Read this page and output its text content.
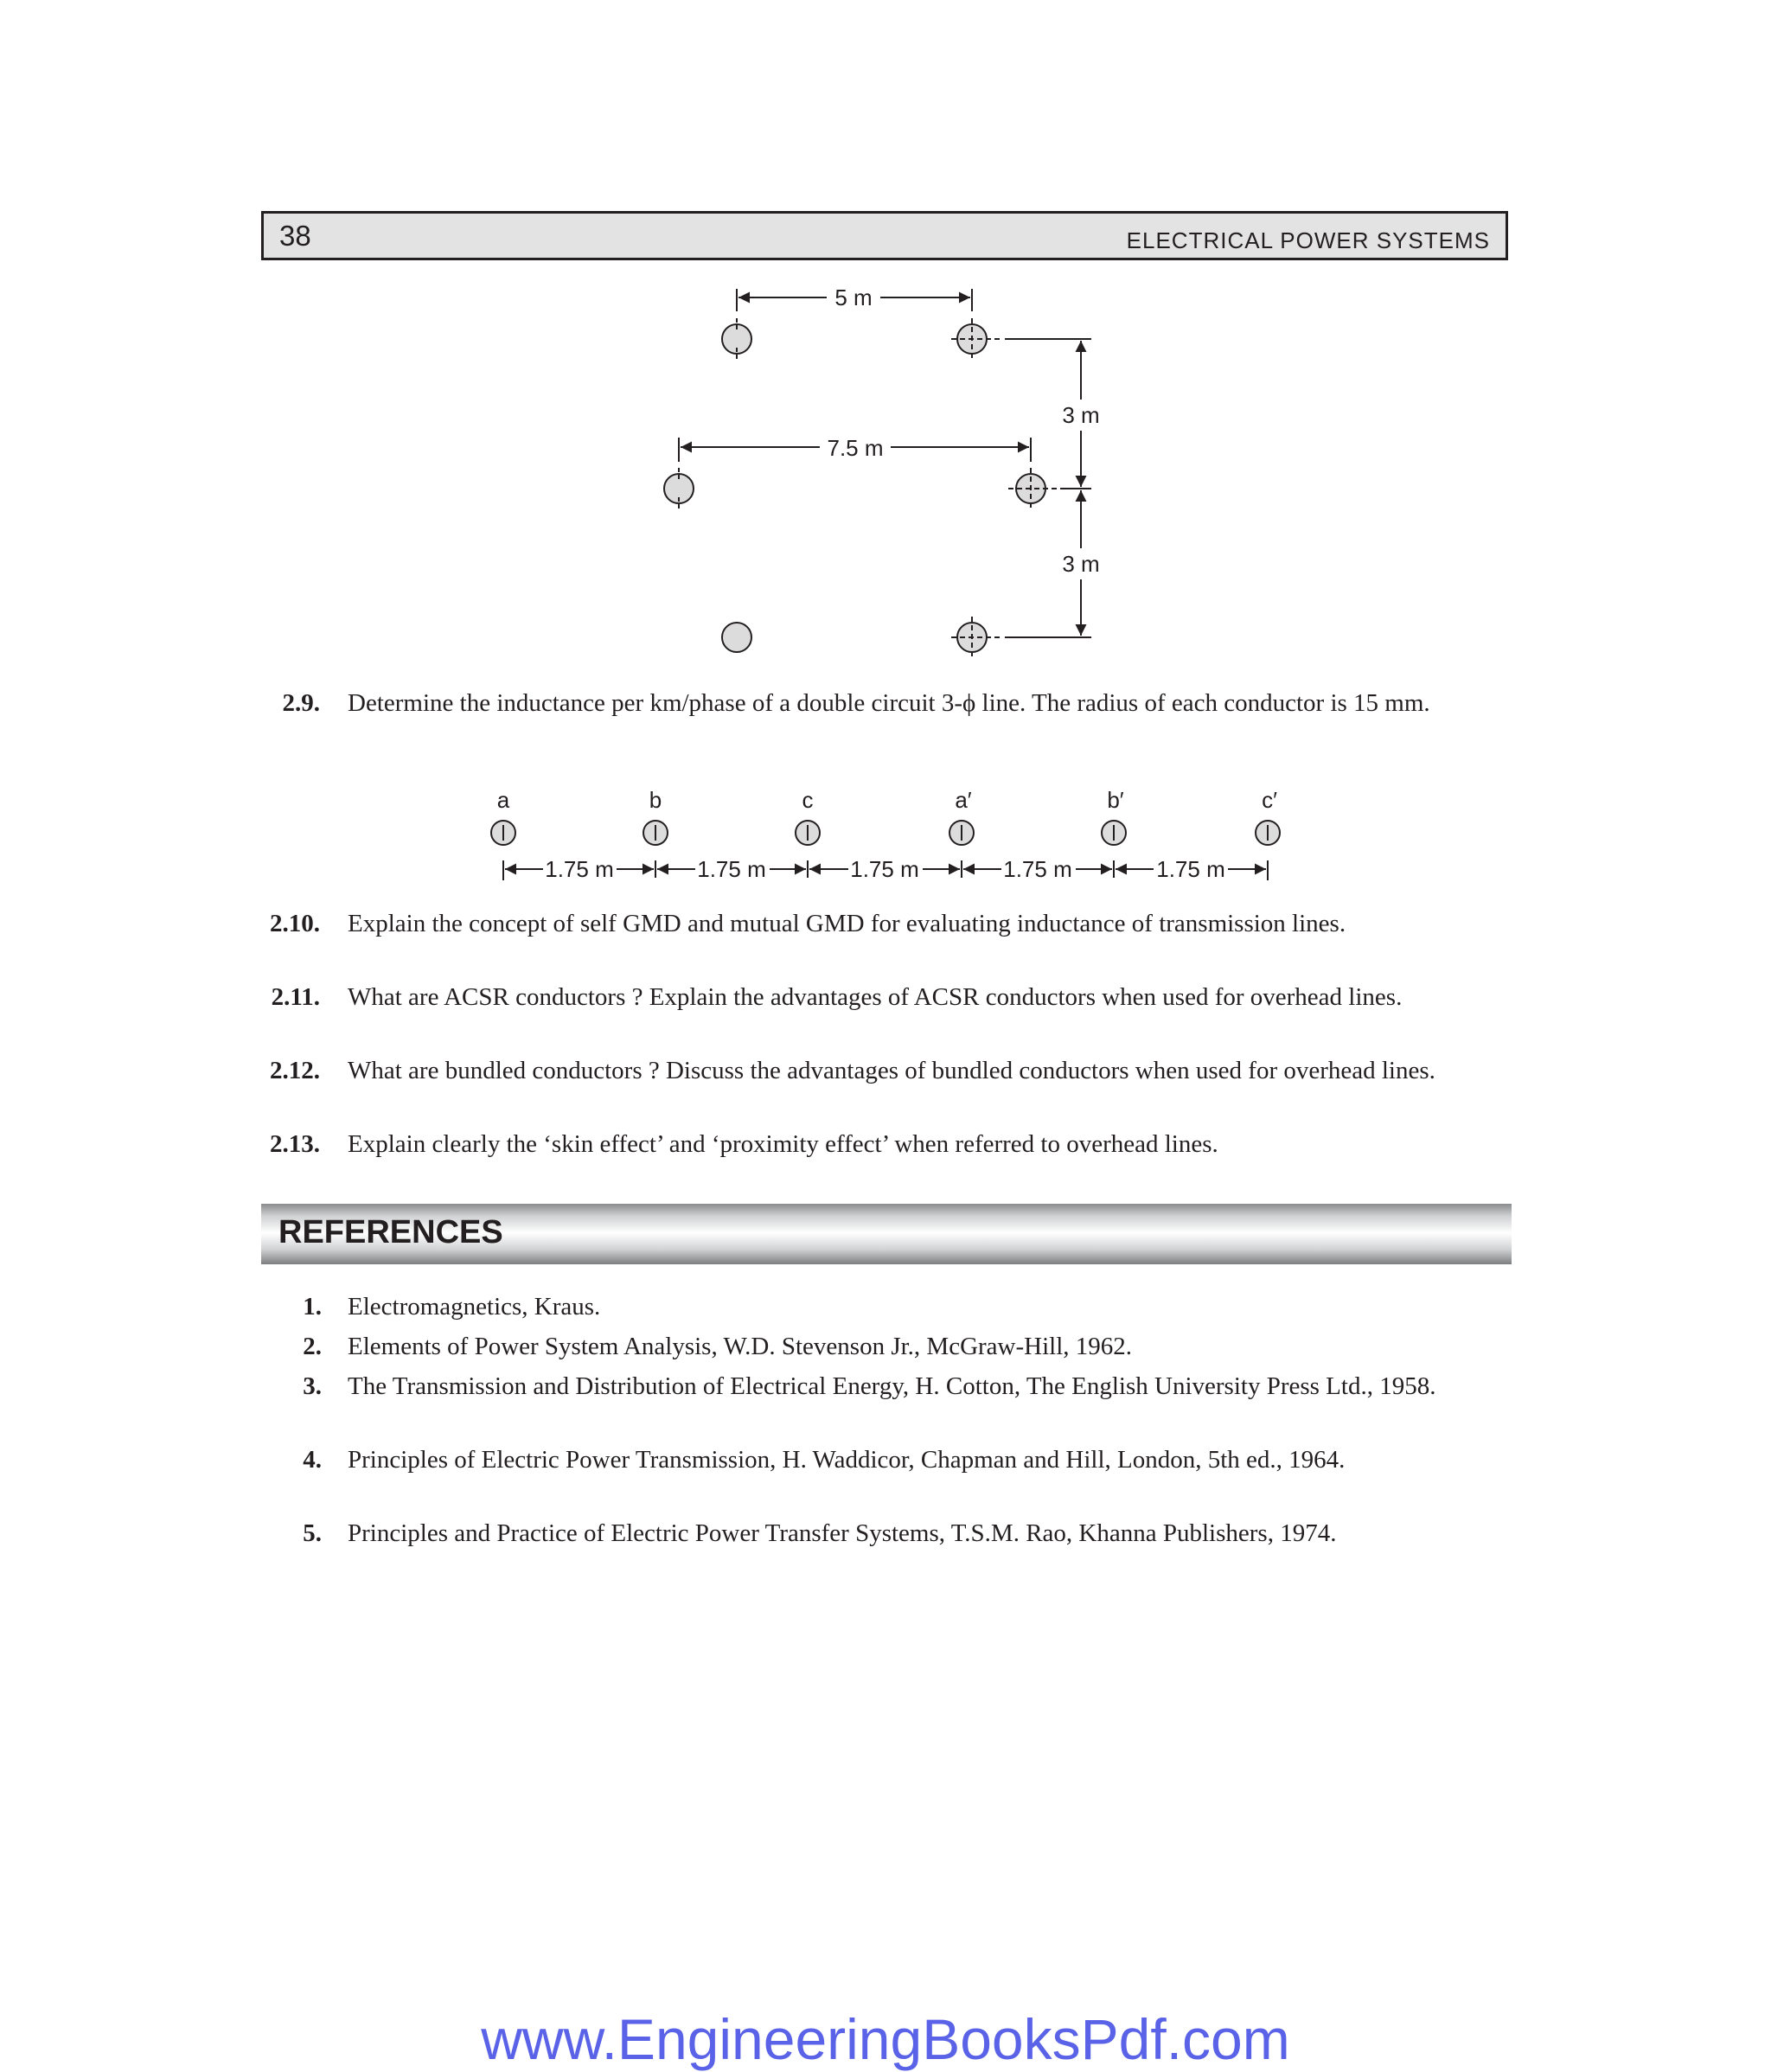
38	ELECTRICAL POWER SYSTEMS
5 m
7.5 m
3 m
3 m
2.9. Determine the inductance per km/phase of a double circuit 3-ϕ line. The radius of each conductor is 15 mm.
a	b	c	a′	b′	c′
1.75 m	1.75 m	1.75 m	1.75 m	1.75 m
2.10. Explain the concept of self GMD and mutual GMD for evaluating inductance of transmission lines.
2.11. What are ACSR conductors ? Explain the advantages of ACSR conductors when used for overhead lines.
2.12. What are bundled conductors ? Discuss the advantages of bundled conductors when used for overhead lines.
2.13. Explain clearly the ‘skin effect’ and ‘proximity effect’ when referred to overhead lines.
REFERENCES
1. Electromagnetics, Kraus.
2. Elements of Power System Analysis, W.D. Stevenson Jr., McGraw-Hill, 1962.
3. The Transmission and Distribution of Electrical Energy, H. Cotton, The English University Press Ltd., 1958.
4. Principles of Electric Power Transmission, H. Waddicor, Chapman and Hill, London, 5th ed., 1964.
5. Principles and Practice of Electric Power Transfer Systems, T.S.M. Rao, Khanna Publishers, 1974.
www.EngineeringBooksPdf.com
